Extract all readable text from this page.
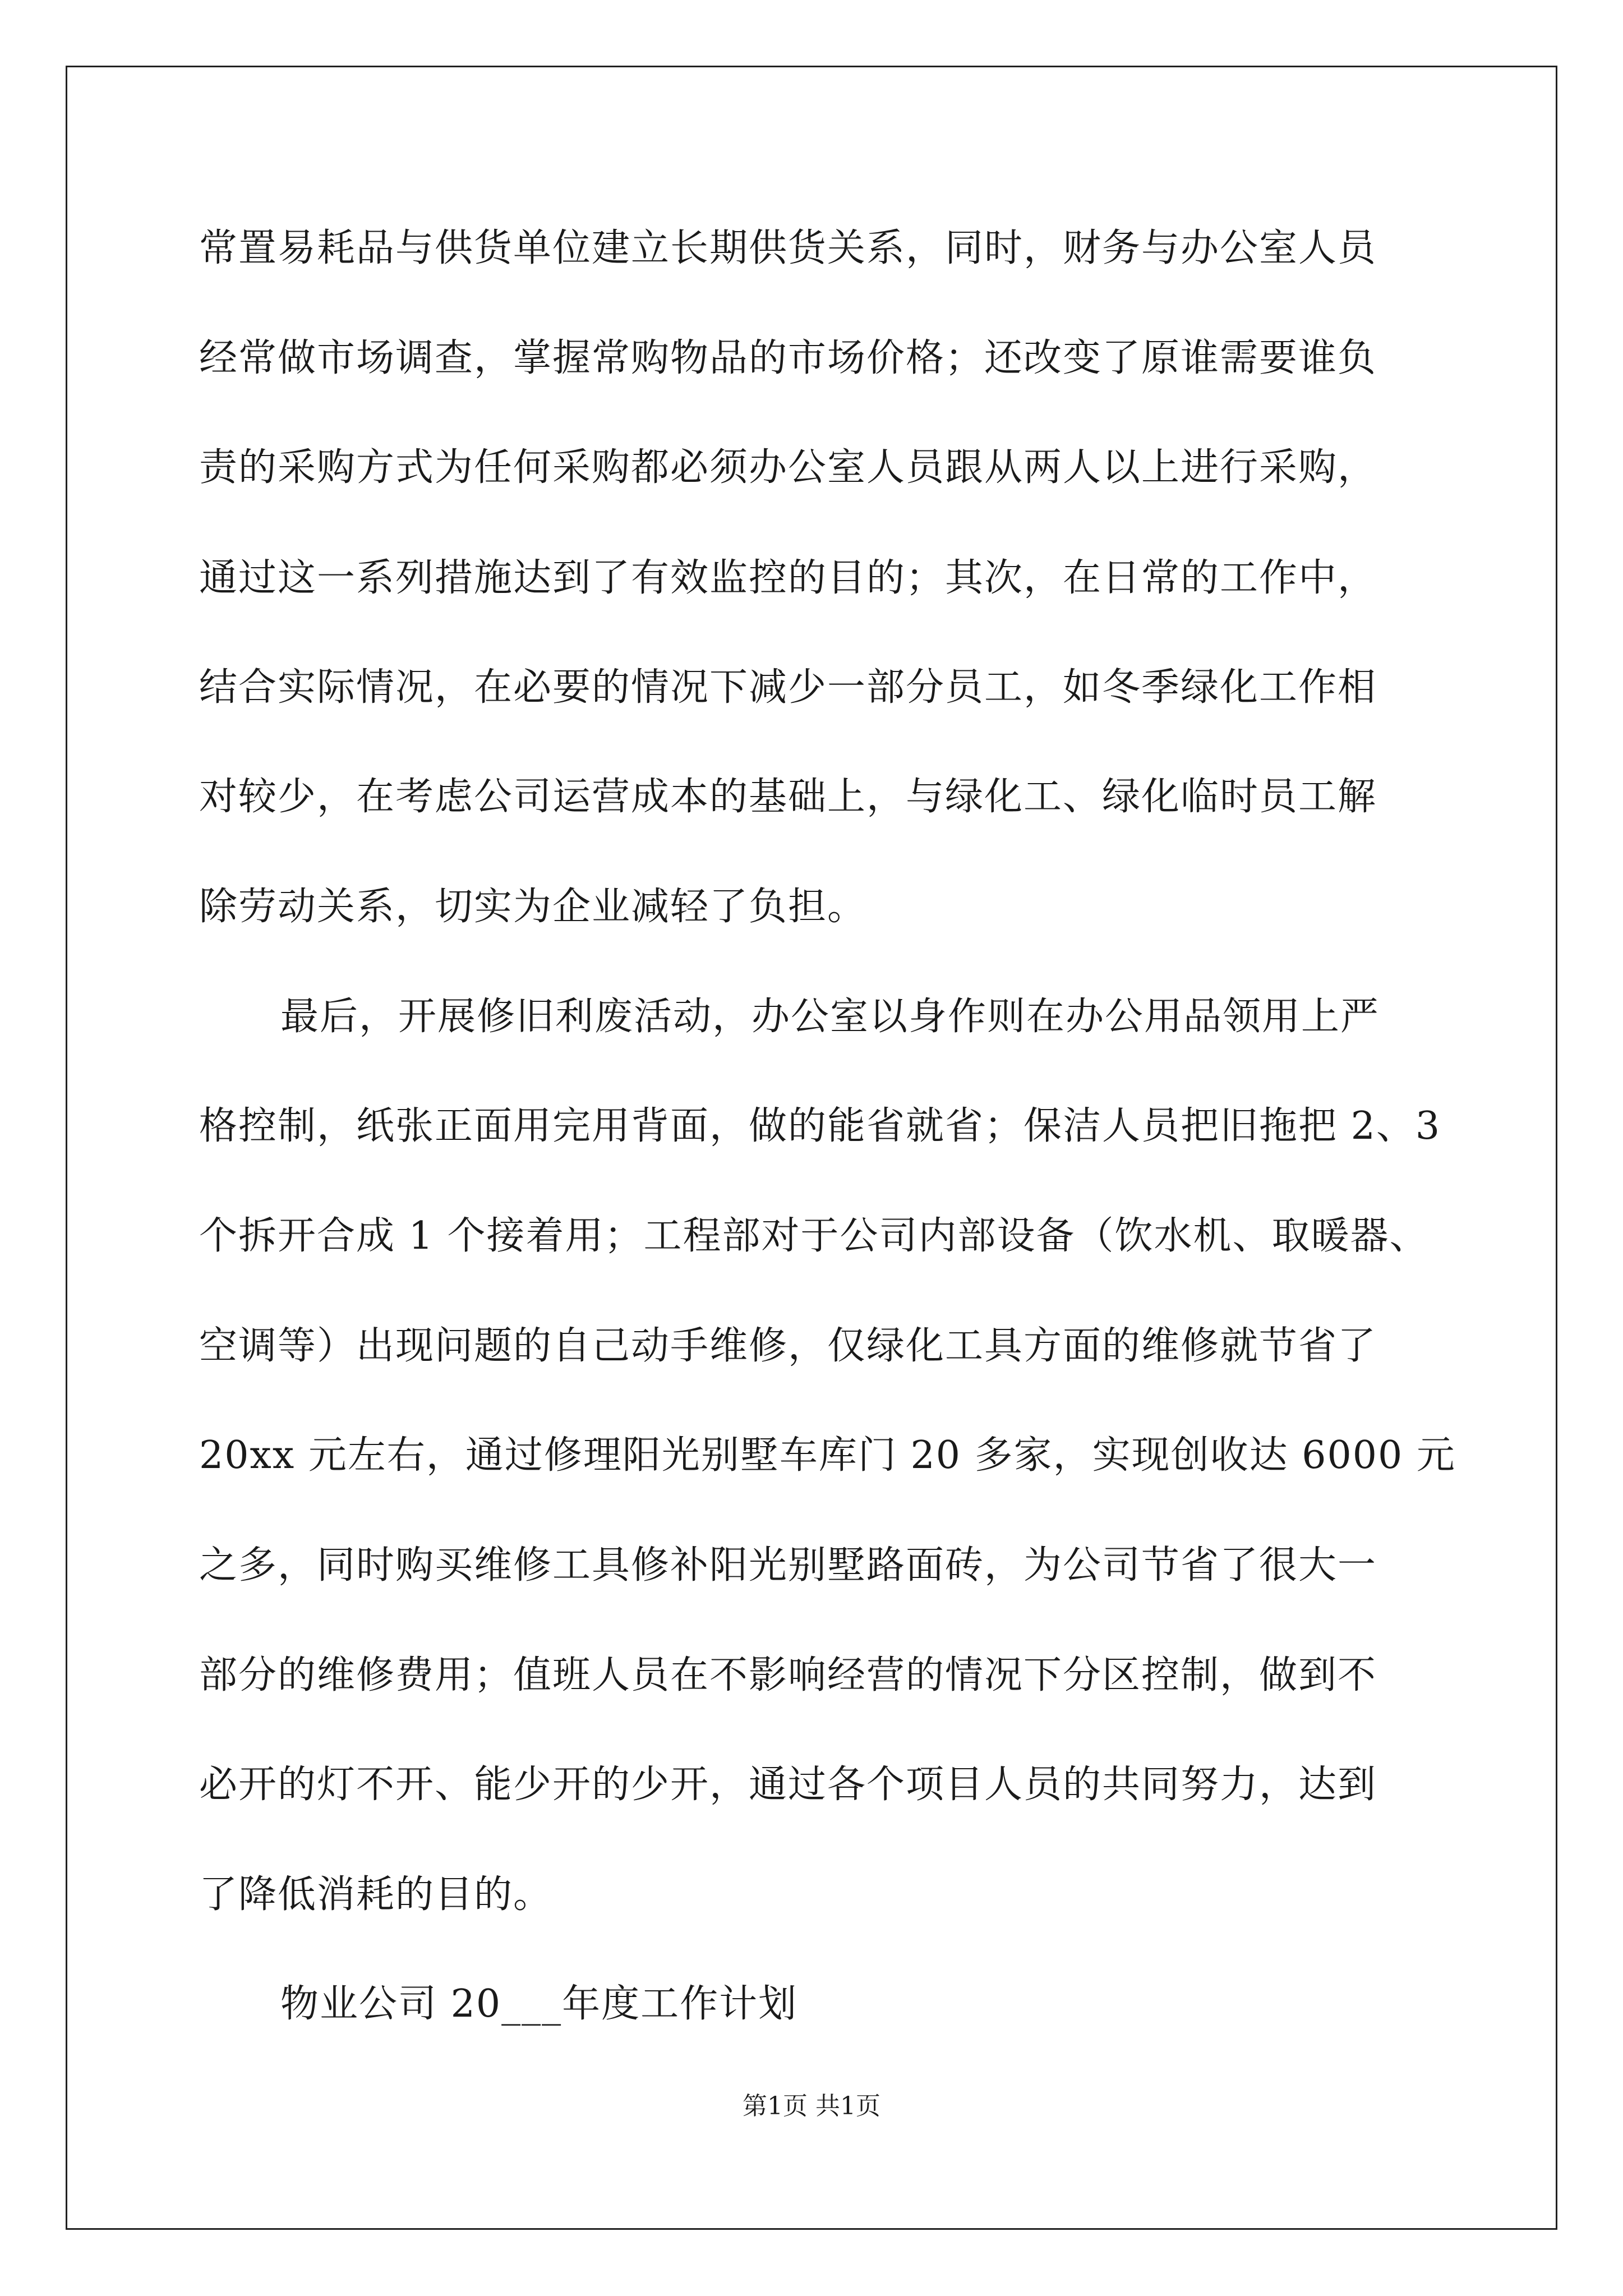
常置易耗品与供货单位建立长期供货关系，同时，财务与办公室人员
经常做市场调查，掌握常购物品的市场价格；还改变了原谁需要谁负
责的采购方式为任何采购都必须办公室人员跟从两人以上进行采购，
通过这一系列措施达到了有效监控的目的；其次，在日常的工作中，
结合实际情况，在必要的情况下减少一部分员工，如冬季绿化工作相
对较少，在考虑公司运营成本的基础上，与绿化工、绿化临时员工解
除劳动关系，切实为企业减轻了负担。
最后，开展修旧利废活动，办公室以身作则在办公用品领用上严
格控制，纸张正面用完用背面，做的能省就省；保洁人员把旧拖把 2、3
个拆开合成 1 个接着用；工程部对于公司内部设备（饮水机、取暖器、
空调等）出现问题的自己动手维修，仅绿化工具方面的维修就节省了
20xx 元左右，通过修理阳光别墅车库门 20 多家，实现创收达 6000 元
之多，同时购买维修工具修补阳光别墅路面砖，为公司节省了很大一
部分的维修费用；值班人员在不影响经营的情况下分区控制，做到不
必开的灯不开、能少开的少开，通过各个项目人员的共同努力，达到
了降低消耗的目的。
物业公司 20___年度工作计划
第1页 共1页
